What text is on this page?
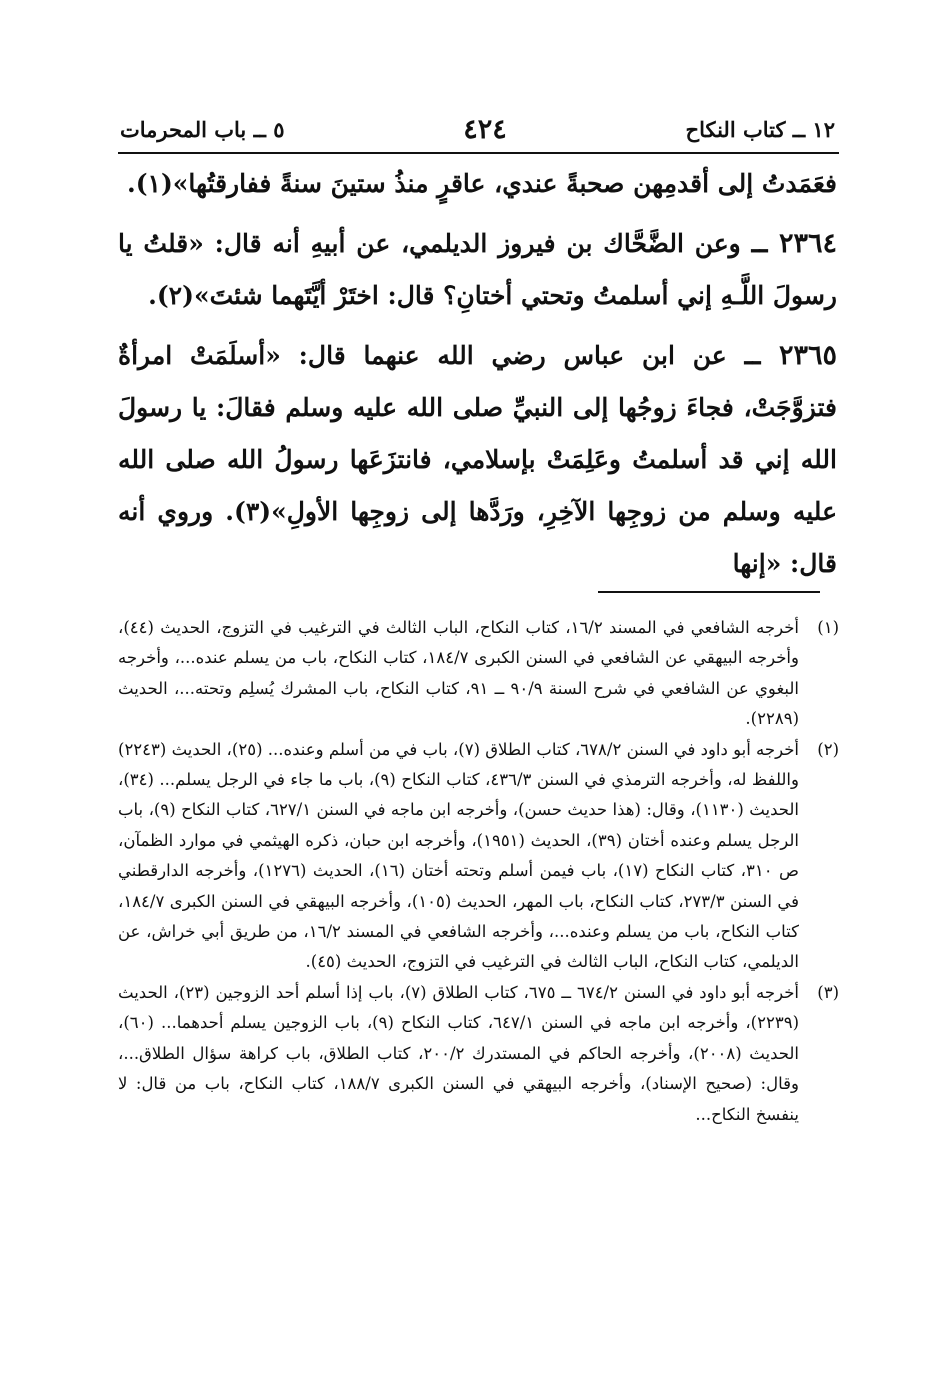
٥ ــ باب المحرمات	٤٢٤	١٢ ــ كتاب النكاح

فعَمَدتُ إلى أقدمِهن صحبةً عندي، عاقرٍ منذُ ستينَ سنةً ففارقتُها»(١).

٢٣٦٤ ــ وعن الضَّحَّاك بن فيروز الديلمي، عن أبيهِ أنه قال: «قلتُ يا رسولَ اللَّـهِ إني أسلمتُ وتحتي أختانِ؟ قال: اختَرْ أيَّتَهما شئتَ»(٢).

٢٣٦٥ ــ عن ابن عباس رضي الله عنهما قال: «أسلَمَتْ امرأةٌ فتزوَّجَتْ، فجاءَ زوجُها إلى النبيِّ صلى الله عليه وسلم فقالَ: يا رسولَ الله إني قد أسلمتُ وعَلِمَتْ بإسلامي، فانتزَعَها رسولُ الله صلى الله عليه وسلم من زوجِها الآخِرِ، ورَدَّها إلى زوجِها الأولِ»(٣). وروي أنه قال: «إنها

(١)
أخرجه الشافعي في المسند ١٦/٢، كتاب النكاح، الباب الثالث في الترغيب في التزوج، الحديث (٤٤)، وأخرجه البيهقي عن الشافعي في السنن الكبرى ١٨٤/٧، كتاب النكاح، باب من يسلم عنده...، وأخرجه البغوي عن الشافعي في شرح السنة ٩٠/٩ ــ ٩١، كتاب النكاح، باب المشرك يُسلِم وتحته...، الحديث (٢٢٨٩).
(٢)
أخرجه أبو داود في السنن ٦٧٨/٢، كتاب الطلاق (٧)، باب في من أسلم وعنده... (٢٥)، الحديث (٢٢٤٣) واللفظ له، وأخرجه الترمذي في السنن ٤٣٦/٣، كتاب النكاح (٩)، باب ما جاء في الرجل يسلم... (٣٤)، الحديث (١١٣٠)، وقال: (هذا حديث حسن)، وأخرجه ابن ماجه في السنن ٦٢٧/١، كتاب النكاح (٩)، باب الرجل يسلم وعنده أختان (٣٩)، الحديث (١٩٥١)، وأخرجه ابن حبان، ذكره الهيثمي في موارد الظمآن، ص ٣١٠، كتاب النكاح (١٧)، باب فيمن أسلم وتحته أختان (١٦)، الحديث (١٢٧٦)، وأخرجه الدارقطني في السنن ٢٧٣/٣، كتاب النكاح، باب المهر، الحديث (١٠٥)، وأخرجه البيهقي في السنن الكبرى ١٨٤/٧، كتاب النكاح، باب من يسلم وعنده...، وأخرجه الشافعي في المسند ١٦/٢، من طريق أبي خراش، عن الديلمي، كتاب النكاح، الباب الثالث في الترغيب في التزوج، الحديث (٤٥).
(٣)
أخرجه أبو داود في السنن ٦٧٤/٢ ــ ٦٧٥، كتاب الطلاق (٧)، باب إذا أسلم أحد الزوجين (٢٣)، الحديث (٢٢٣٩)، وأخرجه ابن ماجه في السنن ٦٤٧/١، كتاب النكاح (٩)، باب الزوجين يسلم أحدهما... (٦٠)، الحديث (٢٠٠٨)، وأخرجه الحاكم في المستدرك ٢٠٠/٢، كتاب الطلاق، باب كراهة سؤال الطلاق...، وقال: (صحيح الإسناد)، وأخرجه البيهقي في السنن الكبرى ١٨٨/٧، كتاب النكاح، باب من قال: لا ينفسخ النكاح...
